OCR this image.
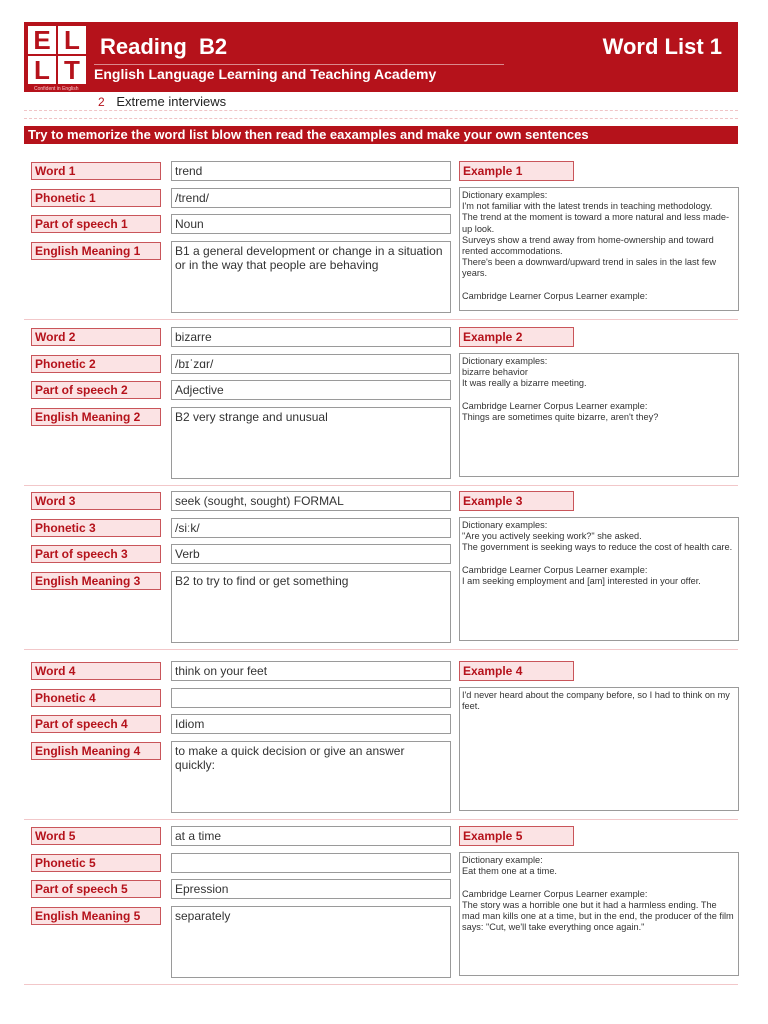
E L
L T
Confident in English
Reading  B2	Word List 1
English Language Learning and Teaching Academy
2 Extreme interviews
Try to memorize the word list blow then read the eaxamples and make your own sentences
Word 1	trend
Phonetic 1	/trend/
Part of speech 1	Noun
English Meaning 1	B1 a general development or change in a situation or in the way that people are behaving
Example 1
Dictionary examples:
I'm not familiar with the latest trends in teaching methodology.
The trend at the moment is toward a more natural and less made-up look.
Surveys show a trend away from home-ownership and toward rented accommodations.
There's been a downward/upward trend in sales in the last few years.

Cambridge Learner Corpus Learner example:
Word 2	bizarre
Phonetic 2	/bɪˈzɑr/
Part of speech 2	Adjective
English Meaning 2	B2 very strange and unusual
Example 2
Dictionary examples:
bizarre behavior
It was really a bizarre meeting.

Cambridge Learner Corpus Learner example:
Things are sometimes quite bizarre, aren't they?
Word 3	seek (sought, sought) FORMAL
Phonetic 3	/siːk/
Part of speech 3	Verb
English Meaning 3	B2 to try to find or get something
Example 3
Dictionary examples:
"Are you actively seeking work?" she asked.
The government is seeking ways to reduce the cost of health care.

Cambridge Learner Corpus Learner example:
I am seeking employment and [am] interested in your offer.
Word 4	think on your feet
Phonetic 4
Part of speech 4	Idiom
English Meaning 4	to make a quick decision or give an answer quickly:
Example 4
I'd never heard about the company before, so I had to think on my feet.
Word 5	at a time
Phonetic 5
Part of speech 5	Epression
English Meaning 5	separately
Example 5
Dictionary example:
Eat them one at a time.

Cambridge Learner Corpus Learner example:
The story was a horrible one but it had a harmless ending. The mad man kills one at a time, but in the end, the producer of the film says: "Cut, we'll take everything once again."
